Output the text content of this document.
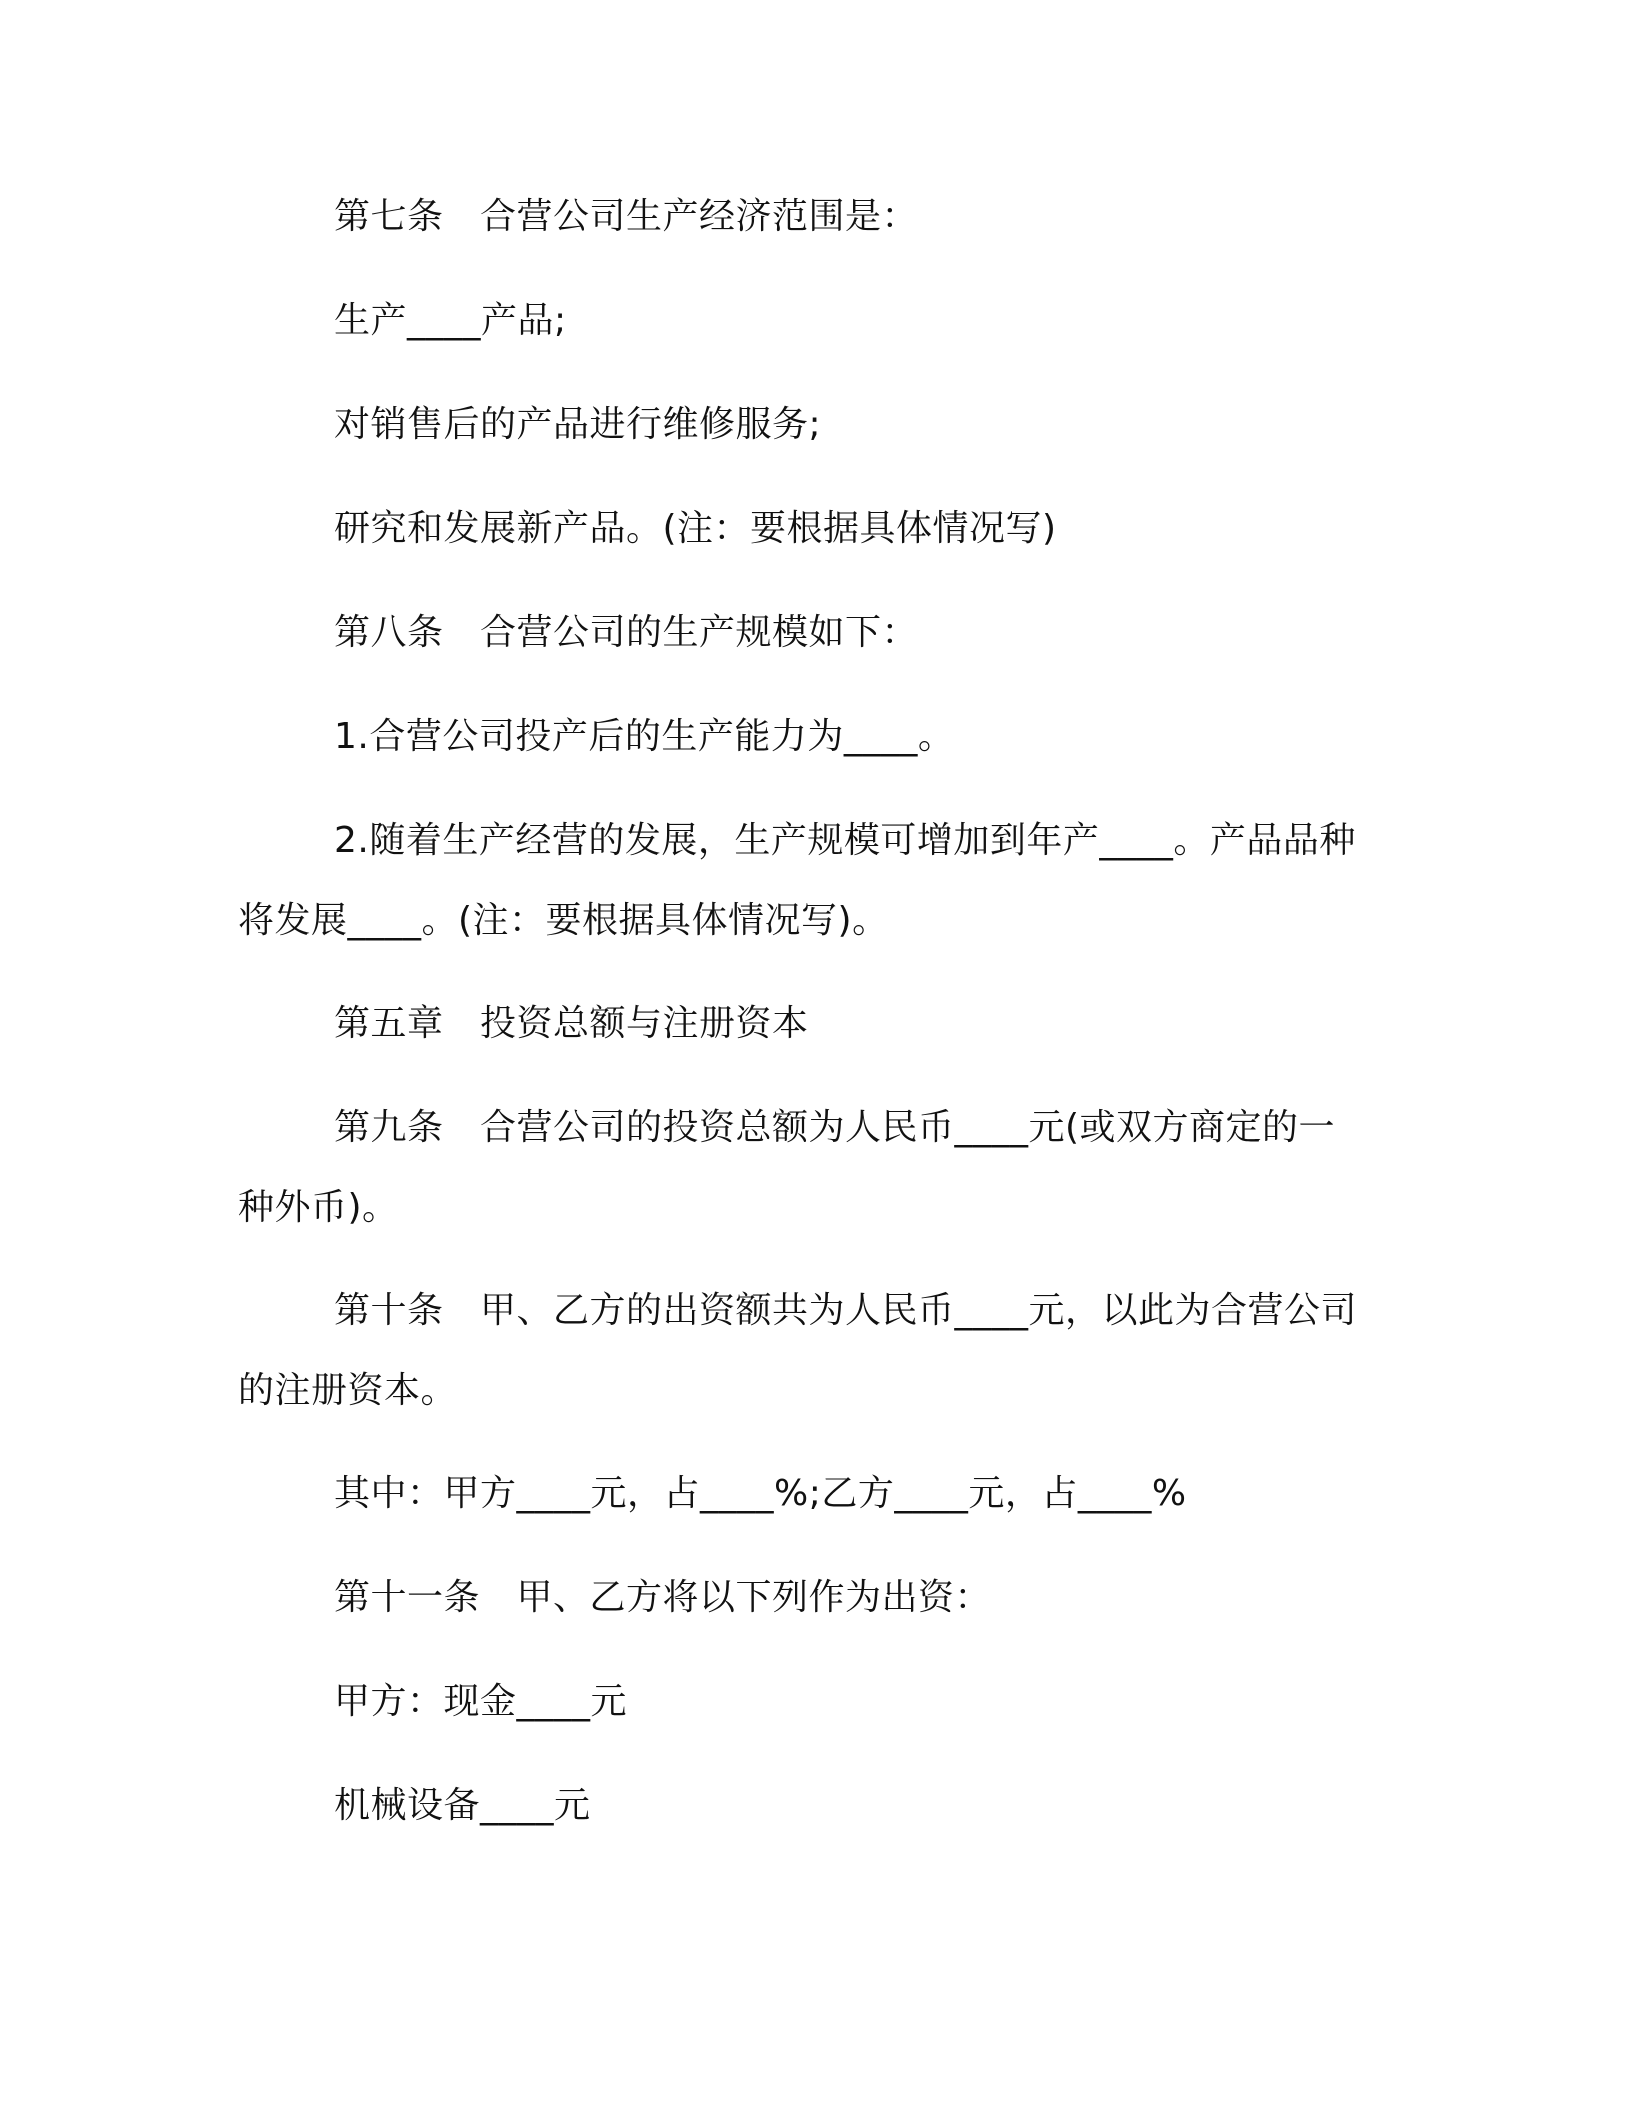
第七条　合营公司生产经济范围是：
生产____产品;
对销售后的产品进行维修服务;
研究和发展新产品。(注：要根据具体情况写)
第八条　合营公司的生产规模如下：
1.合营公司投产后的生产能力为____。
2.随着生产经营的发展，生产规模可增加到年产____。产品品种
将发展____。(注：要根据具体情况写)。
第五章　投资总额与注册资本
第九条　合营公司的投资总额为人民币____元(或双方商定的一
种外币)。
第十条　甲、乙方的出资额共为人民币____元，以此为合营公司
的注册资本。
其中：甲方____元，占____%;乙方____元，占____%
第十一条　甲、乙方将以下列作为出资：
甲方：现金____元
机械设备____元
